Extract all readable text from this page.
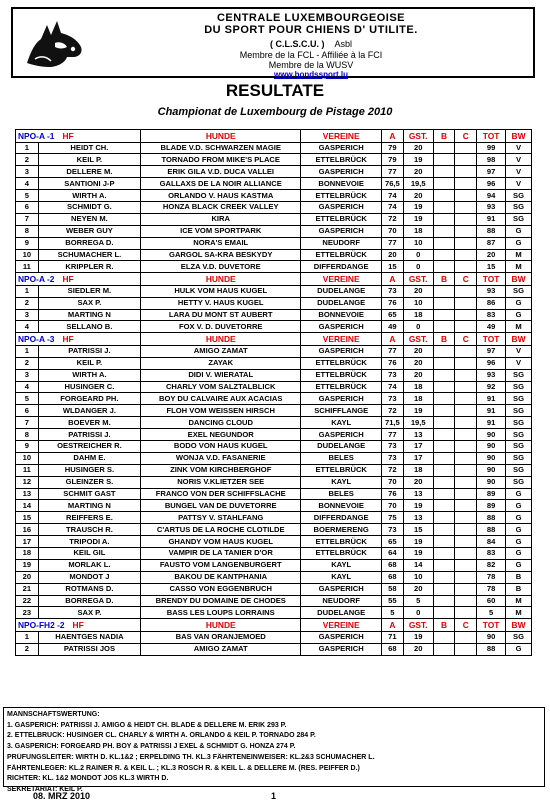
CENTRALE LUXEMBOURGEOISE
DU SPORT POUR CHIENS D' UTILITE.
( C.L.S.C.U. ) Asbl
Membre de la FCL - Affiliée à la FCI
Membre de la WUSV
www.hondssport.lu
RESULTATE
Championat de Luxembourg de Pistage 2010
NPO-A -1 HF		HUNDE	VEREINE	A	GST.	B	C	TOT	BW
1	HEIDT CH.	BLADE V.D. SCHWARZEN MAGIE	GASPERICH	79	20			99	V
2	KEIL P.	TORNADO FROM MIKE'S PLACE	ETTELBRÜCK	79	19			98	V
3	DELLERE M.	ERIK GILA V.D. DUCA VALLEI	GASPERICH	77	20			97	V
4	SANTIONI J-P	GALLAXS DE LA NOIR ALLIANCE	BONNEVOIE	76,5	19,5			96	V
5	WIRTH A.	ORLANDO V. HAUS KASTMA	ETTELBRÜCK	74	20			94	SG
6	SCHMIDT G.	HONZA BLACK CREEK VALLEY	GASPERICH	74	19			93	SG
7	NEYEN M.	KIRA	ETTELBRÜCK	72	19			91	SG
8	WEBER GUY	ICE VOM SPORTPARK	GASPERICH	70	18			88	G
9	BORREGA D.	NORA'S EMAIL	NEUDORF	77	10			87	G
10	SCHUMACHER L.	GARGOL SA-KRA BESKYDY	ETTELBRÜCK	20	0			20	M
11	KRIPPLER R.	ELZA V.D. DUVETORE	DIFFERDANGE	15	0			15	M
NPO-A -2 HF		HUNDE	VEREINE	A	GST.	B	C	TOT	BW
1	SIEDLER M.	HULK VOM HAUS KUGEL	DUDELANGE	73	20			93	SG
2	SAX P.	HETTY V. HAUS KUGEL	DUDELANGE	76	10			86	G
3	MARTING N	LARA DU MONT ST AUBERT	BONNEVOIE	65	18			83	G
4	SELLANO B.	FOX V. D. DUVETORRE	GASPERICH	49	0			49	M
NPO-A -3 HF		HUNDE	VEREINE	A	GST.	B	C	TOT	BW
1	PATRISSI J.	AMIGO ZAMAT	GASPERICH	77	20			97	V
2	KEIL P.	ZAYAK	ETTELBRÜCK	76	20			96	V
3	WIRTH A.	DIDI V. WIERATAL	ETTELBRÜCK	73	20			93	SG
4	HUSINGER C.	CHARLY VOM SALZTALBLICK	ETTELBRÜCK	74	18			92	SG
5	FORGEARD PH.	BOY DU CALVAIRE AUX ACACIAS	GASPERICH	73	18			91	SG
6	WLDANGER J.	FLOH VOM WEISSEN HIRSCH	SCHIFFLANGE	72	19			91	SG
7	BOEVER M.	DANCING CLOUD	KAYL	71,5	19,5			91	SG
8	PATRISSI J.	EXEL NEGUNDOR	GASPERICH	77	13			90	SG
9	OESTREICHER R.	BODO VON HAUS KUGEL	DUDELANGE	73	17			90	SG
10	DAHM E.	WONJA V.D. FASANERIE	BELES	73	17			90	SG
11	HUSINGER S.	ZINK VOM KIRCHBERGHOF	ETTELBRÜCK	72	18			90	SG
12	GLEINZER S.	NORIS V.KLIETZER SEE	KAYL	70	20			90	SG
13	SCHMIT GAST	FRANCO VON DER SCHIFFSLACHE	BELES	76	13			89	G
14	MARTING N	BUNGEL VAN DE DUVETORRE	BONNEVOIE	70	19			89	G
15	REIFFERS E.	PATTSY V. STAHLFANG	DIFFERDANGE	75	13			88	G
16	TRAUSCH R.	C'ARTUS DE LA ROCHE CLOTILDE	BOERMERENG	73	15			88	G
17	TRIPODI A.	GHANDY VOM HAUS KUGEL	ETTELBRÜCK	65	19			84	G
18	KEIL GIL	VAMPIR DE LA TANIER D'OR	ETTELBRÜCK	64	19			83	G
19	MORLAK L.	FAUSTO VOM LANGENBURGERT	KAYL	68	14			82	G
20	MONDOT J	BAKOU DE KANTPHANIA	KAYL	68	10			78	B
21	ROTMANS D.	CASSO VON EGGENBRUCH	GASPERICH	58	20			78	B
22	BORREGA D.	BRENDY DU DOMAINE DE CHODES	NEUDORF	55	5			60	M
23	SAX P.	BASS LES LOUPS LORRAINS	DUDELANGE	5	0			5	M
NPO-FH2 -2 HF		HUNDE	VEREINE	A	GST.	B	C	TOT	BW
1	HAENTGES NADIA	BAS VAN ORANJEMOED	GASPERICH	71	19			90	SG
2	PATRISSI JOS	AMIGO ZAMAT	GASPERICH	68	20			88	G
MANNSCHAFTSWERTUNG:
1. GASPERICH: PATRISSI J. AMIGO & HEIDT CH. BLADE & DELLERE M. ERIK 293 P.
2. ETTELBRUCK: HUSINGER CL. CHARLY & WIRTH A. ORLANDO & KEIL P. TORNADO 284 P.
3. GASPERICH: FORGEARD PH. BOY & PATRISSI J EXEL & SCHMIDT G. HONZA 274 P.
PRÜFUNGSLEITER: WIRTH D. KL.1&2 ; ERPELDING TH. KL.3 FÄHRTENEINWEISER: KL.2&3 SCHUMACHER L.
FÄHRTENLEGER: KL.2 RAINER R. & KEIL L. ; KL.3 ROSCH R. & KEIL L. & DELLERE M. (RES. PEIFFER D.)
RICHTER: KL. 1&2 MONDOT JOS KL.3 WIRTH D.
SEKRETARIAT: KEIL P.
08. MRZ 2010	1
